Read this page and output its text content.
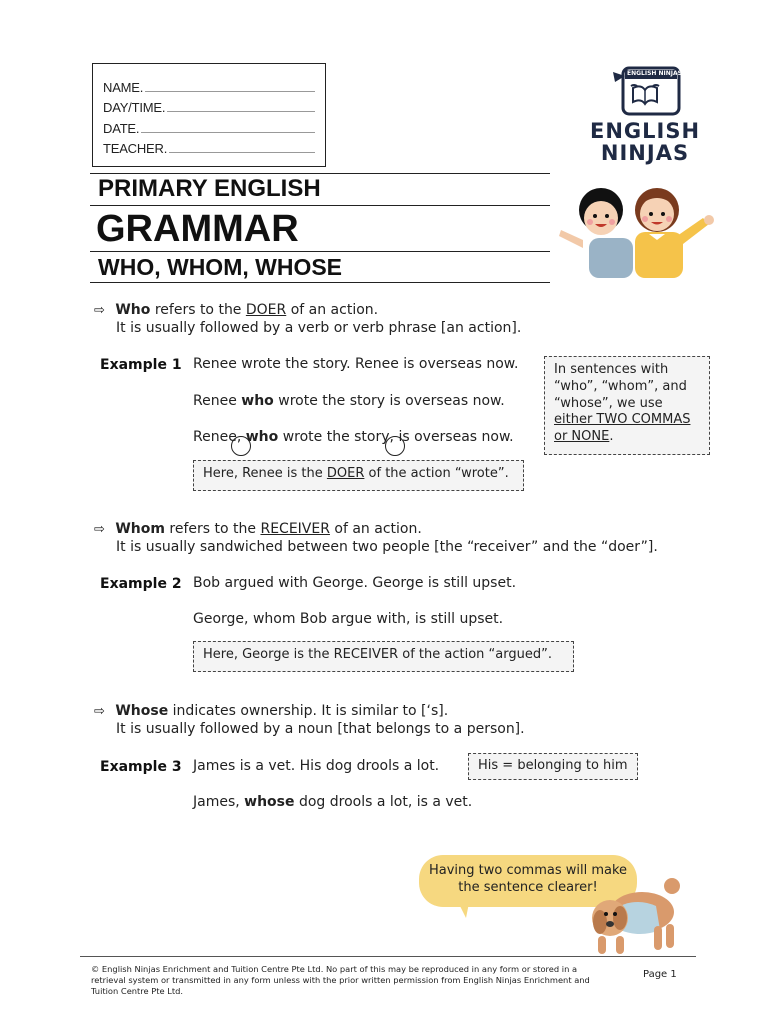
NAME.
DAY/TIME.
DATE.
TEACHER.
ENGLISH NINJAS
ENGLISH
NINJAS
PRIMARY ENGLISH
GRAMMAR
WHO, WHOM, WHOSE
⇨ Who refers to the DOER of an action.
It is usually followed by a verb or verb phrase [an action].
Example 1 Renee wrote the story. Renee is overseas now.
Renee who wrote the story is overseas now.
Renee, who wrote the story, is overseas now.
Here, Renee is the DOER of the action “wrote”.
In sentences with
“who”, “whom”, and
“whose”, we use
either TWO COMMAS
or NONE.
⇨ Whom refers to the RECEIVER of an action.
It is usually sandwiched between two people [the “receiver” and the “doer”].
Example 2 Bob argued with George. George is still upset.
George, whom Bob argue with, is still upset.
Here, George is the RECEIVER of the action “argued”.
⇨ Whose indicates ownership. It is similar to [‘s].
It is usually followed by a noun [that belongs to a person].
Example 3 James is a vet. His dog drools a lot.	His = belonging to him
James, whose dog drools a lot, is a vet.
Having two commas will make
the sentence clearer!
© English Ninjas Enrichment and Tuition Centre Pte Ltd. No part of this may be reproduced in any form or stored in a retrieval system or transmitted in any form unless with the prior written permission from English Ninjas Enrichment and Tuition Centre Pte Ltd.
Page 1
